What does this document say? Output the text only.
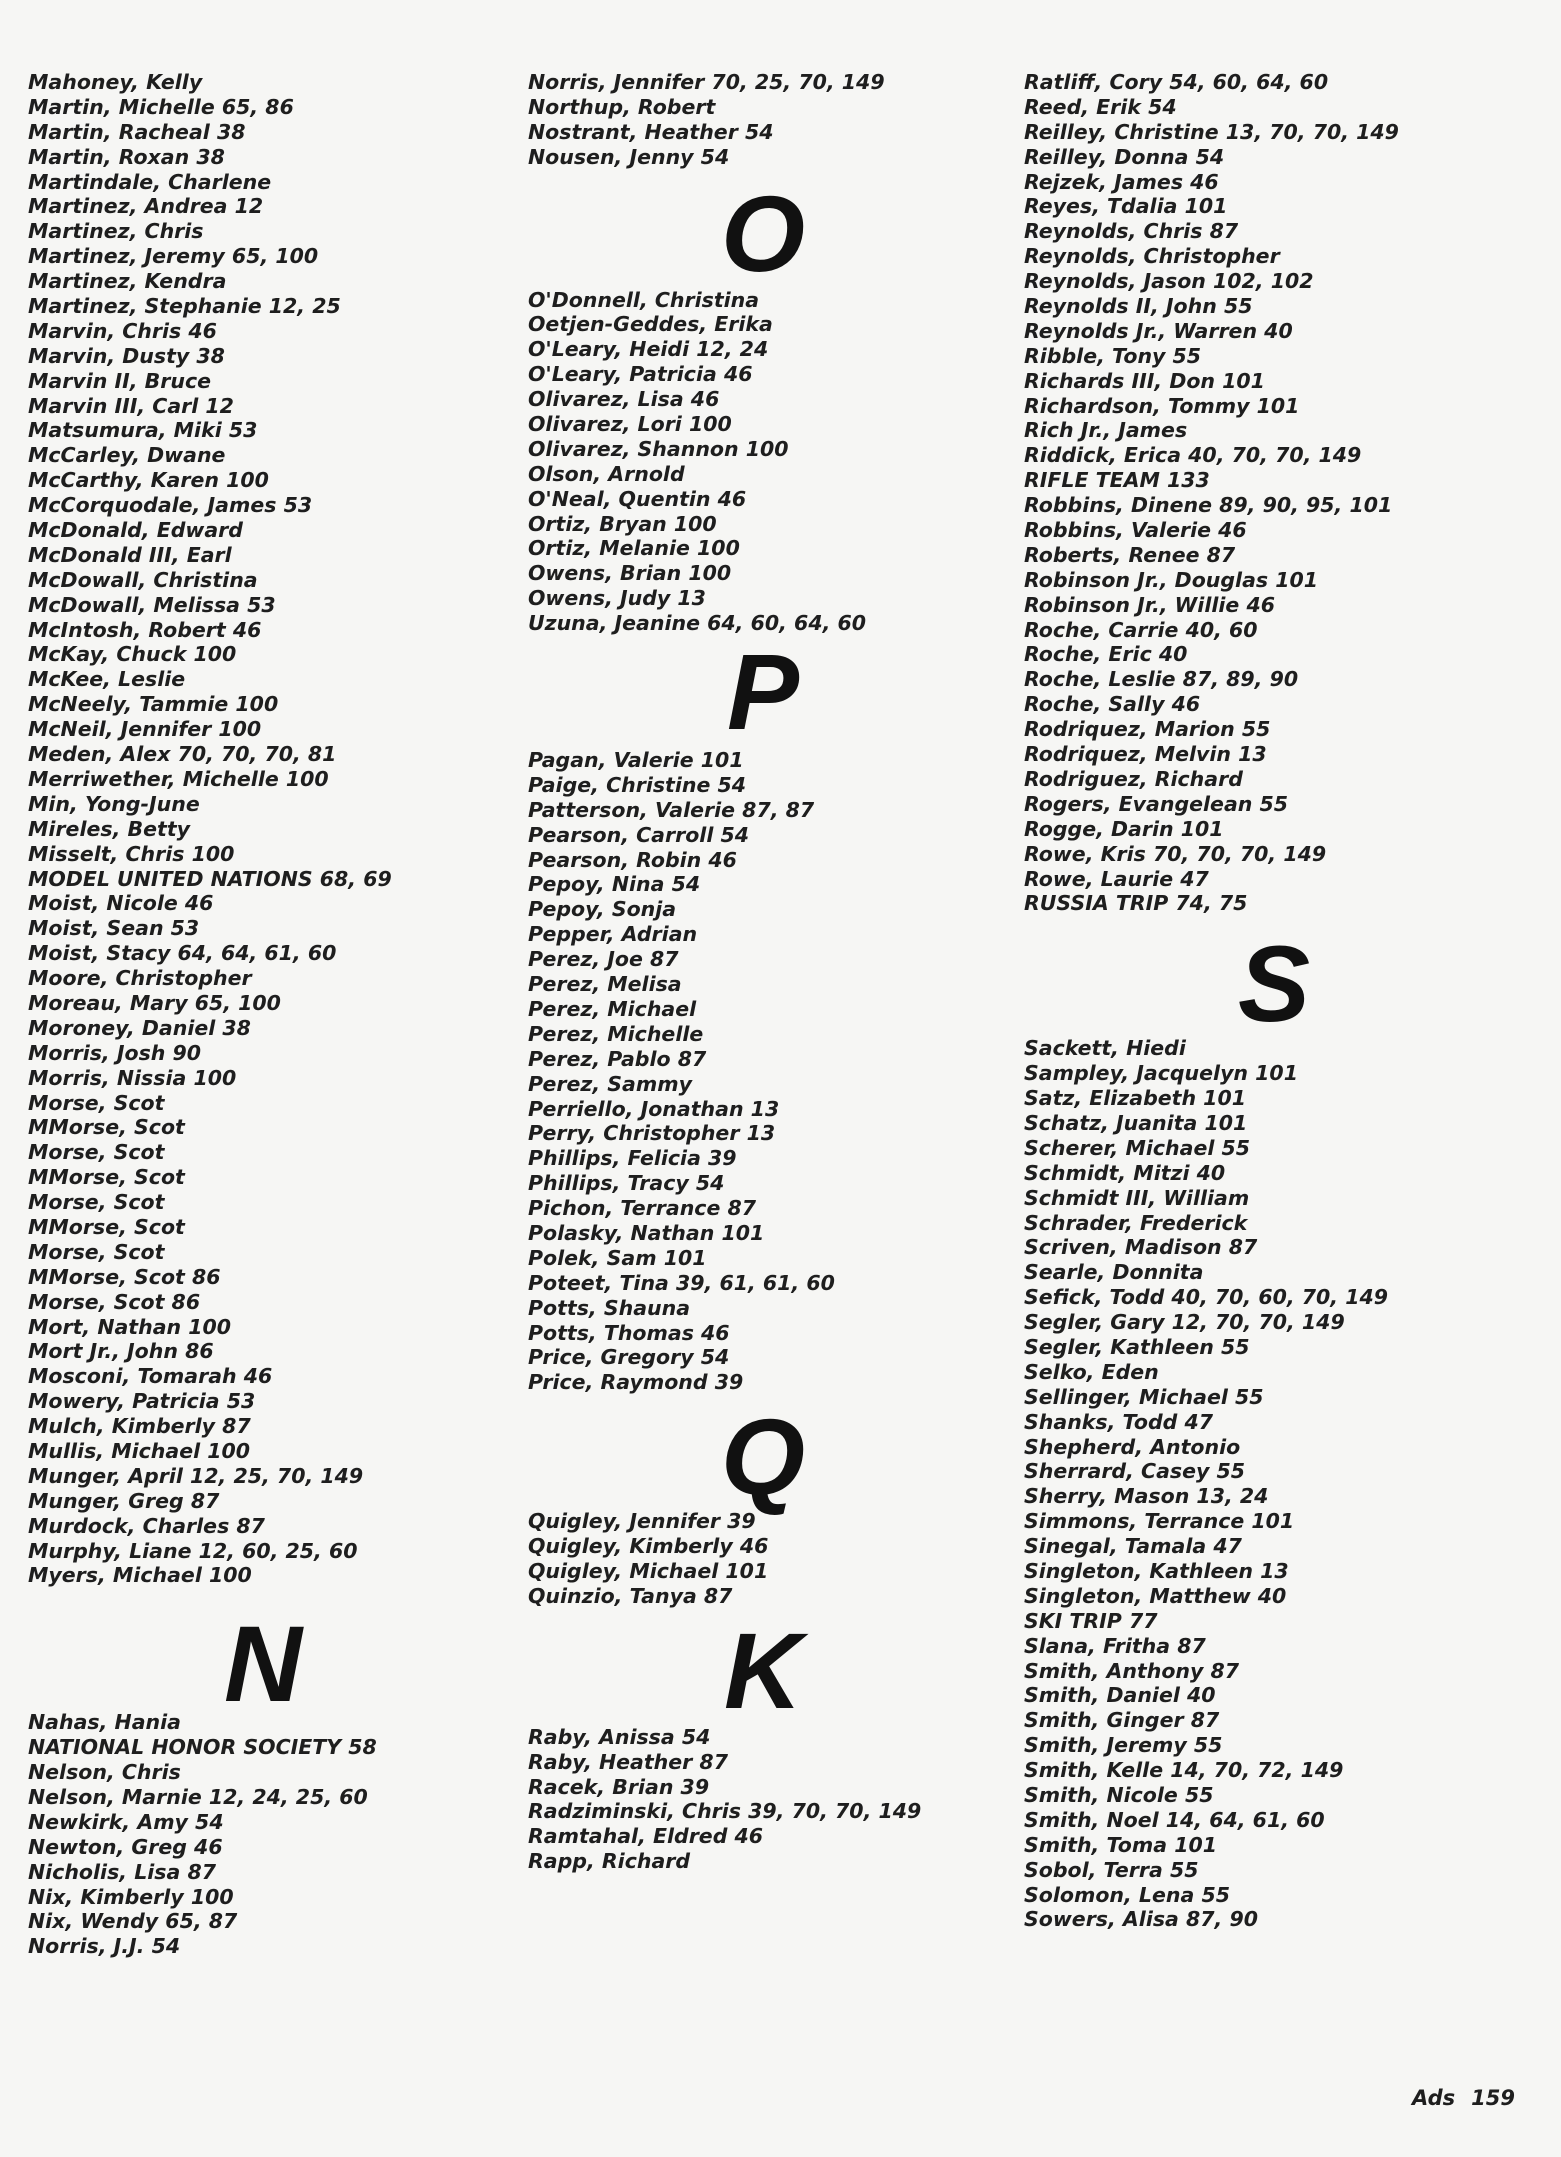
Mahoney, Kelly
Martin, Michelle 65, 86
Martin, Racheal 38
Martin, Roxan 38
Martindale, Charlene
Martinez, Andrea 12
Martinez, Chris
Martinez, Jeremy 65, 100
Martinez, Kendra
Martinez, Stephanie 12, 25
Marvin, Chris 46
Marvin, Dusty 38
Marvin II, Bruce
Marvin III, Carl 12
Matsumura, Miki 53
McCarley, Dwane
McCarthy, Karen 100
McCorquodale, James 53
McDonald, Edward
McDonald III, Earl
McDowall, Christina
McDowall, Melissa 53
McIntosh, Robert 46
McKay, Chuck 100
McKee, Leslie
McNeely, Tammie 100
McNeil, Jennifer 100
Meden, Alex 70, 70, 70, 81
Merriwether, Michelle 100
Min, Yong-June
Mireles, Betty
Misselt, Chris 100
MODEL UNITED NATIONS 68, 69
Moist, Nicole 46
Moist, Sean 53
Moist, Stacy 64, 64, 61, 60
Moore, Christopher
Moreau, Mary 65, 100
Moroney, Daniel 38
Morris, Josh 90
Morris, Nissia 100
Morse, Scot
MMorse, Scot
Morse, Scot
MMorse, Scot
Morse, Scot
MMorse, Scot
Morse, Scot
MMorse, Scot 86
Morse, Scot 86
Mort, Nathan 100
Mort Jr., John 86
Mosconi, Tomarah 46
Mowery, Patricia 53
Mulch, Kimberly 87
Mullis, Michael 100
Munger, April 12, 25, 70, 149
Munger, Greg 87
Murdock, Charles 87
Murphy, Liane 12, 60, 25, 60
Myers, Michael 100
N
Nahas, Hania
NATIONAL HONOR SOCIETY 58
Nelson, Chris
Nelson, Marnie 12, 24, 25, 60
Newkirk, Amy 54
Newton, Greg 46
Nicholis, Lisa 87
Nix, Kimberly 100
Nix, Wendy 65, 87
Norris, J.J. 54
Norris, Jennifer 70, 25, 70, 149
Northup, Robert
Nostrant, Heather 54
Nousen, Jenny 54
O
O'Donnell, Christina
Oetjen-Geddes, Erika
O'Leary, Heidi 12, 24
O'Leary, Patricia 46
Olivarez, Lisa 46
Olivarez, Lori 100
Olivarez, Shannon 100
Olson, Arnold
O'Neal, Quentin 46
Ortiz, Bryan 100
Ortiz, Melanie 100
Owens, Brian 100
Owens, Judy 13
Uzuna, Jeanine 64, 60, 64, 60
P
Pagan, Valerie 101
Paige, Christine 54
Patterson, Valerie 87, 87
Pearson, Carroll 54
Pearson, Robin 46
Pepoy, Nina 54
Pepoy, Sonja
Pepper, Adrian
Perez, Joe 87
Perez, Melisa
Perez, Michael
Perez, Michelle
Perez, Pablo 87
Perez, Sammy
Perriello, Jonathan 13
Perry, Christopher 13
Phillips, Felicia 39
Phillips, Tracy 54
Pichon, Terrance 87
Polasky, Nathan 101
Polek, Sam 101
Poteet, Tina 39, 61, 61, 60
Potts, Shauna
Potts, Thomas 46
Price, Gregory 54
Price, Raymond 39
Q
Quigley, Jennifer 39
Quigley, Kimberly 46
Quigley, Michael 101
Quinzio, Tanya 87
K
Raby, Anissa 54
Raby, Heather 87
Racek, Brian 39
Radziminski, Chris 39, 70, 70, 149
Ramtahal, Eldred 46
Rapp, Richard
Ratliff, Cory 54, 60, 64, 60
Reed, Erik 54
Reilley, Christine 13, 70, 70, 149
Reilley, Donna 54
Rejzek, James 46
Reyes, Tdalia 101
Reynolds, Chris 87
Reynolds, Christopher
Reynolds, Jason 102, 102
Reynolds II, John 55
Reynolds Jr., Warren 40
Ribble, Tony 55
Richards III, Don 101
Richardson, Tommy 101
Rich Jr., James
Riddick, Erica 40, 70, 70, 149
RIFLE TEAM 133
Robbins, Dinene 89, 90, 95, 101
Robbins, Valerie 46
Roberts, Renee 87
Robinson Jr., Douglas 101
Robinson Jr., Willie 46
Roche, Carrie 40, 60
Roche, Eric 40
Roche, Leslie 87, 89, 90
Roche, Sally 46
Rodriquez, Marion 55
Rodriquez, Melvin 13
Rodriguez, Richard
Rogers, Evangelean 55
Rogge, Darin 101
Rowe, Kris 70, 70, 70, 149
Rowe, Laurie 47
RUSSIA TRIP 74, 75
S
Sackett, Hiedi
Sampley, Jacquelyn 101
Satz, Elizabeth 101
Schatz, Juanita 101
Scherer, Michael 55
Schmidt, Mitzi 40
Schmidt III, William
Schrader, Frederick
Scriven, Madison 87
Searle, Donnita
Sefick, Todd 40, 70, 60, 70, 149
Segler, Gary 12, 70, 70, 149
Segler, Kathleen 55
Selko, Eden
Sellinger, Michael 55
Shanks, Todd 47
Shepherd, Antonio
Sherrard, Casey 55
Sherry, Mason 13, 24
Simmons, Terrance 101
Sinegal, Tamala 47
Singleton, Kathleen 13
Singleton, Matthew 40
SKI TRIP 77
Slana, Fritha 87
Smith, Anthony 87
Smith, Daniel 40
Smith, Ginger 87
Smith, Jeremy 55
Smith, Kelle 14, 70, 72, 149
Smith, Nicole 55
Smith, Noel 14, 64, 61, 60
Smith, Toma 101
Sobol, Terra 55
Solomon, Lena 55
Sowers, Alisa 87, 90
Ads 159
